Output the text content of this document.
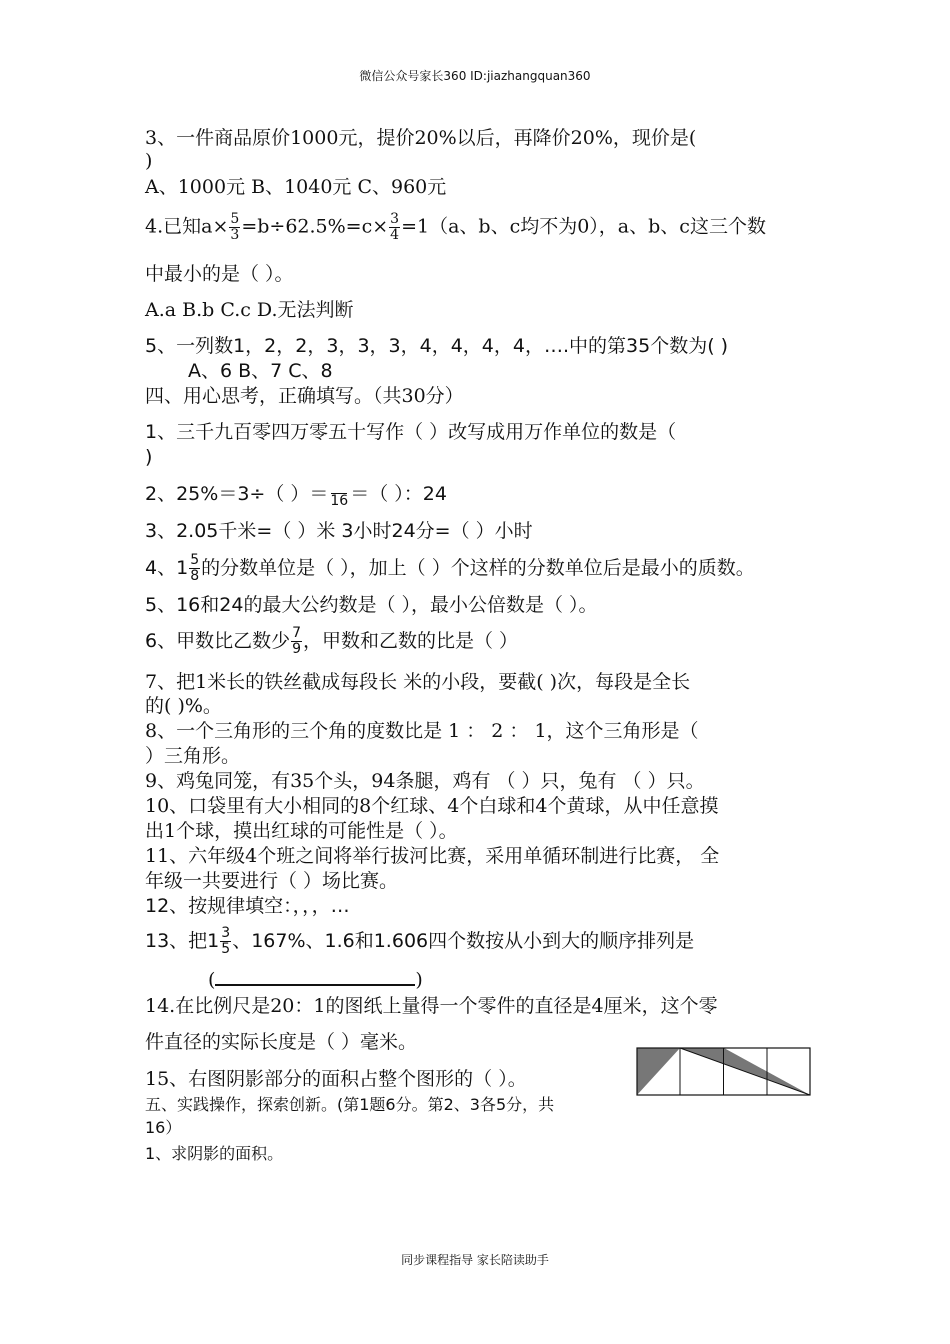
微信公众号家长360 ID:jiazhangquan360
3、一件商品原价1000元，提价20%以后，再降价20%，现价是(
)
A、1000元 B、1040元 C、960元
4.已知$a\times \frac{5}{3} =b\div 62.5\%=c\times \frac{3}{4} =1(a$、b、c均不为0），a、b、c这三个数
中最小的是（ ）。
A.a B.b C.c D.无法判断
5、一列数1，2，2，3，3，3，4，4，4，4，….中的第35个数为( )
A、6 B、7 C、8
四、用心思考，正确填写。（共30分）
1、三千九百零四万零五十写作（ ）改写成用万作单位的数是（
)
2、25%＝3÷（ ）＝ 16 ＝（ ）：24
3、2.05千米=（ ）米 3小时24分=（ ）小时
4、$1 \frac{5}{8}$ 的分数单位是（ ），加上（ ）个这样的分数单位后是最小的质数。
5、16和24的最大公约数是（ ），最小公倍数是（ ）。
6、甲数比乙数少 $\frac{7}{9}$ ，甲数和乙数的比是（ ）
7、把1米长的铁丝截成每段长 米的小段，要截( )次，每段是全长
的( )%。
8、一个三角形的三个角的度数比是 1 ： 2 ： 1，这个三角形是（
）三角形。
9、鸡兔同笼，有35个头，94条腿，鸡有 （ ）只，兔有 （ ）只。
10、口袋里有大小相同的8个红球、4个白球和4个黄球，从中任意摸
出1个球，摸出红球的可能性是（ ）。
11、六年级4个班之间将举行拔河比赛，采用单循环制进行比赛， 全
年级一共要进行（ ）场比赛。
12、按规律填空：，，，…
13、把$1 \frac{3}{5}$ 、167%、1.6和1.606四个数按从小到大的顺序排列是
(	)
14.在比例尺是20：1的图纸上量得一个零件的直径是4厘米，这个零
件直径的实际长度是（ ）毫米。
15、右图阴影部分的面积占整个图形的（ ）。
五、实践操作，探索创新。(第1题6分。第2、3各5分，共
16）
1、求阴影的面积。
同步课程指导 家长陪读助手
